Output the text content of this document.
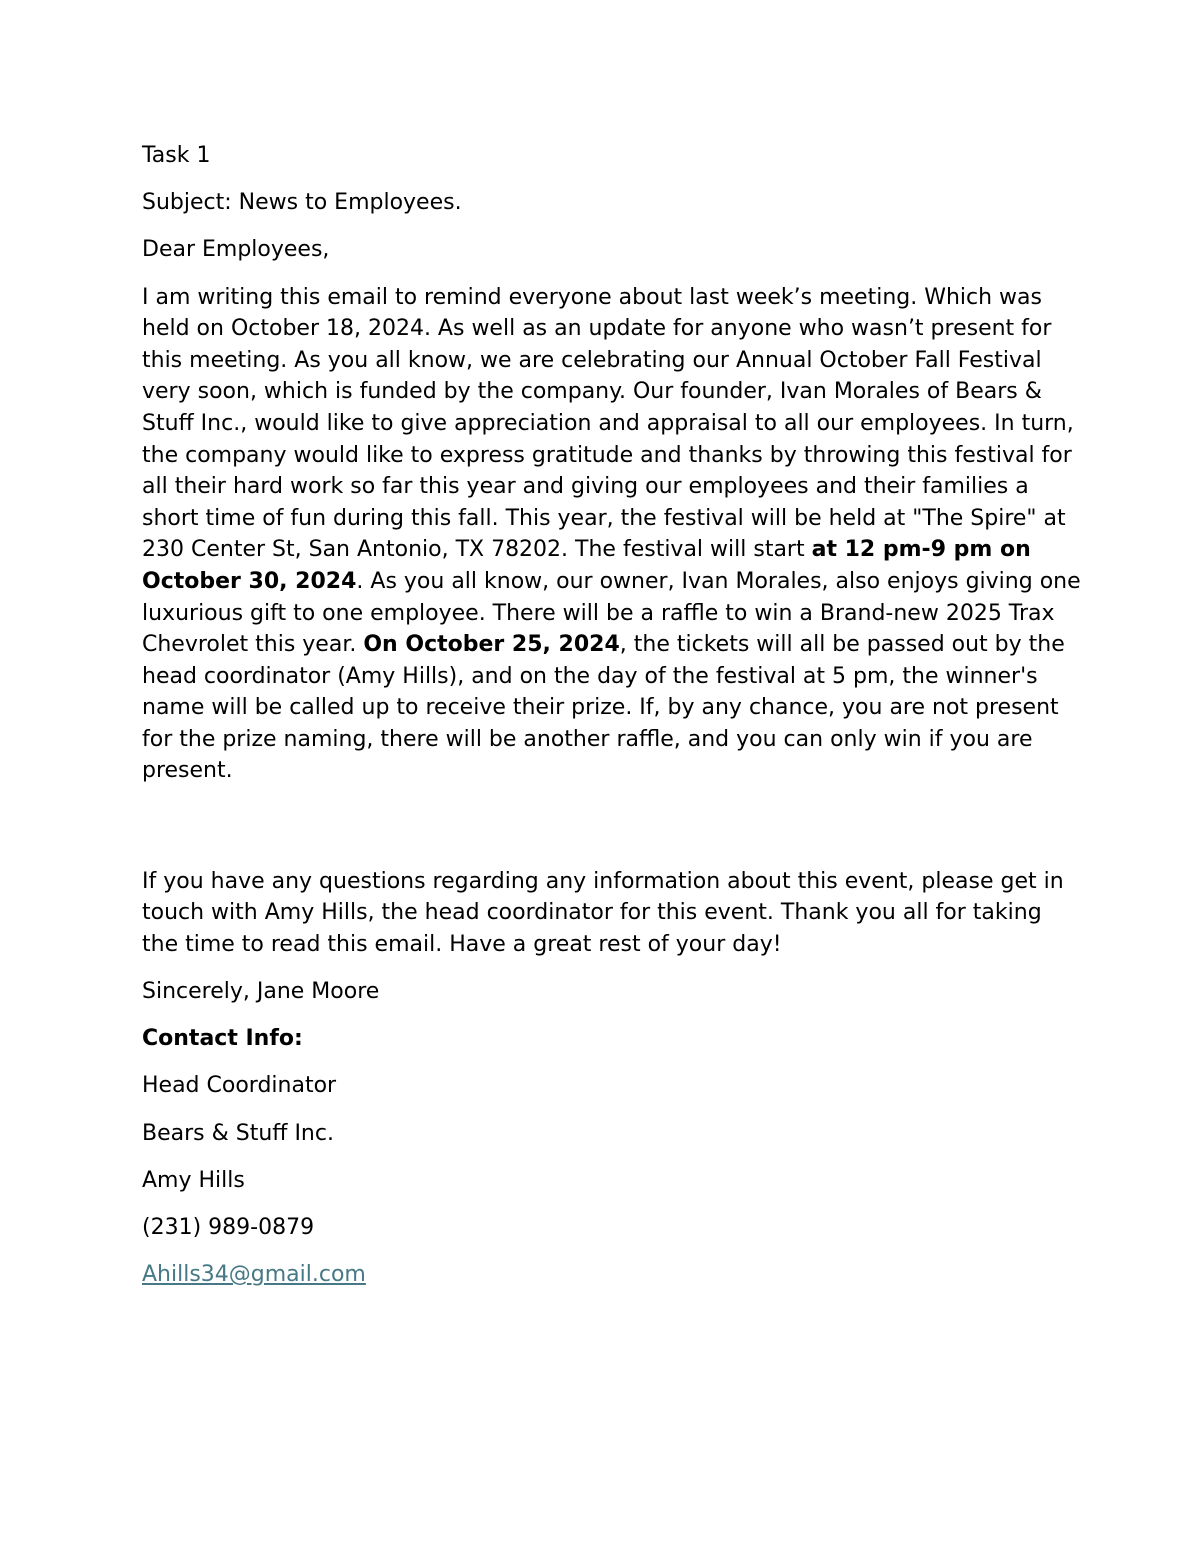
Task 1

Subject: News to Employees.

Dear Employees,

I am writing this email to remind everyone about last week’s meeting. Which was held on October 18, 2024. As well as an update for anyone who wasn’t present for this meeting. As you all know, we are celebrating our Annual October Fall Festival very soon, which is funded by the company. Our founder, Ivan Morales of Bears & Stuff Inc., would like to give appreciation and appraisal to all our employees. In turn, the company would like to express gratitude and thanks by throwing this festival for all their hard work so far this year and giving our employees and their families a short time of fun during this fall. This year, the festival will be held at "The Spire" at 230 Center St, San Antonio, TX 78202. The festival will start at 12 pm-9 pm on October 30, 2024. As you all know, our owner, Ivan Morales, also enjoys giving one luxurious gift to one employee. There will be a raffle to win a Brand-new 2025 Trax Chevrolet this year. On October 25, 2024, the tickets will all be passed out by the head coordinator (Amy Hills), and on the day of the festival at 5 pm, the winner's name will be called up to receive their prize. If, by any chance, you are not present for the prize naming, there will be another raffle, and you can only win if you are present.

If you have any questions regarding any information about this event, please get in touch with Amy Hills, the head coordinator for this event. Thank you all for taking the time to read this email. Have a great rest of your day!

Sincerely, Jane Moore

Contact Info:

Head Coordinator

Bears & Stuff Inc.

Amy Hills

(231) 989-0879

Ahills34@gmail.com
